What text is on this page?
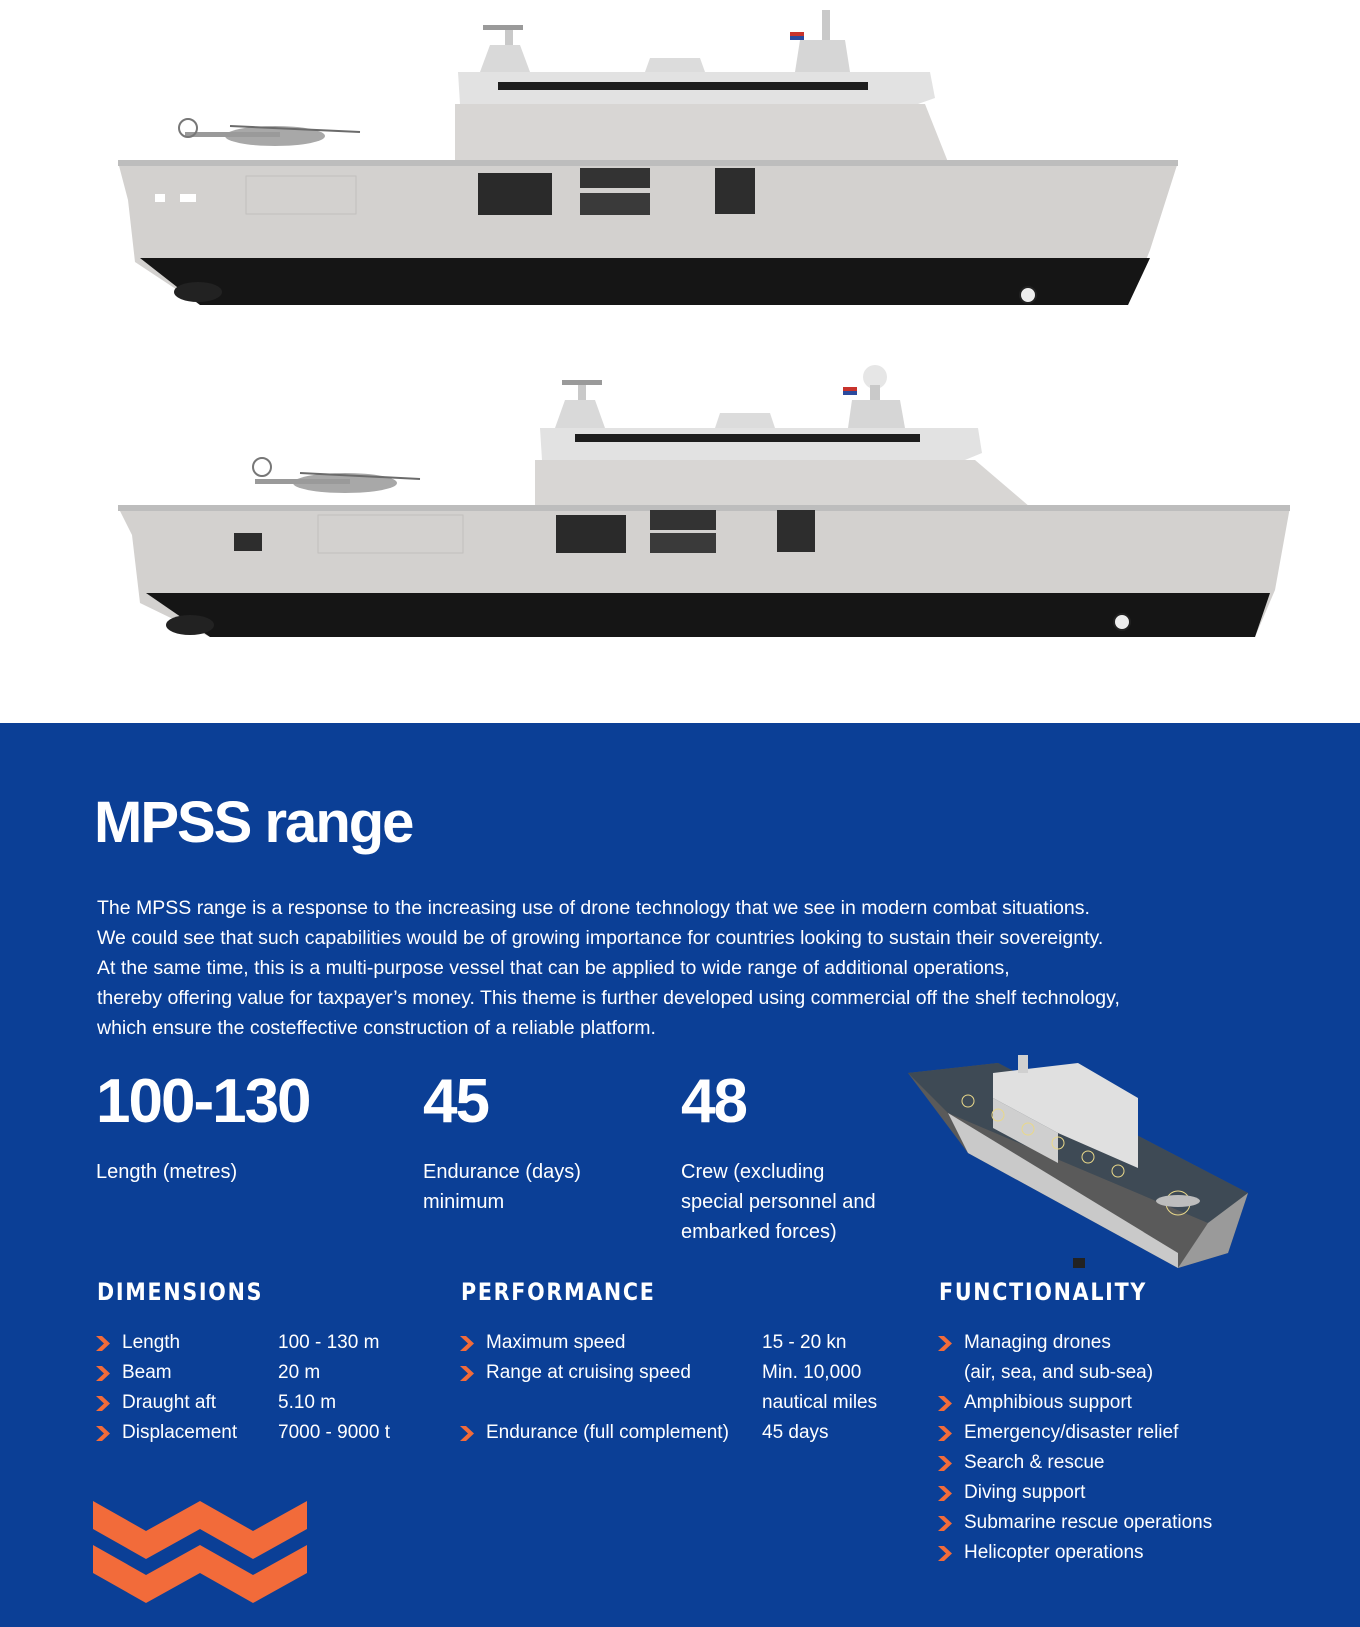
MPSS range

The MPSS range is a response to the increasing use of drone technology that we see in modern combat situations.

We could see that such capabilities would be of growing importance for countries looking to sustain their sovereignty.

At the same time, this is a multi-purpose vessel that can be applied to wide range of additional operations,

thereby offering value for taxpayer’s money. This theme is further developed using commercial off the shelf technology,

which ensure the costeffective construction of a reliable platform.

100-130
Length (metres)
45
Endurance (days)
minimum
48
Crew (excluding
special personnel and
embarked forces)
DIMENSIONS
Length	100 - 130 m
Beam	20 m
Draught aft	5.10 m
Displacement 7000 - 9000 t
PERFORMANCE
Maximum speed	15 - 20 kn
Range at cruising speed	Min. 10,000
nautical miles
Endurance (full complement) 45 days
FUNCTIONALITY
Managing drones
(air, sea, and sub-sea)
Amphibious support
Emergency/disaster relief
Search & rescue
Diving support
Submarine rescue operations
Helicopter operations
